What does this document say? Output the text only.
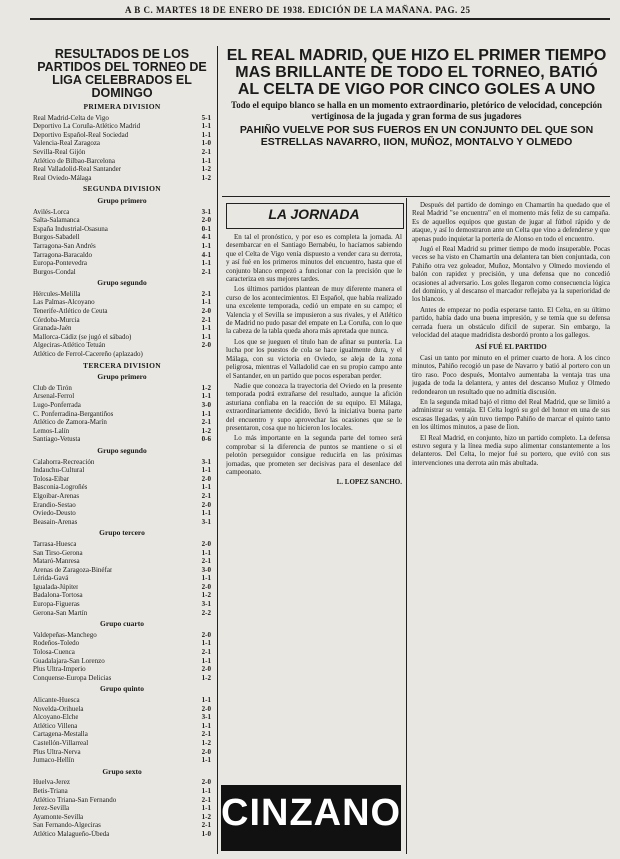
A B C. MARTES 18 DE ENERO DE 1938. EDICIÓN DE LA MAÑANA. PAG. 25
RESULTADOS DE LOS PARTIDOS DEL TORNEO DE LIGA CELEBRADOS EL DOMINGO
PRIMERA DIVISION
Real Madrid-Celta de Vigo	5-1
Deportivo La Coruña-Atlético Madrid	1-1
Deportivo Español-Real Sociedad	1-1
Valencia-Real Zaragoza	1-0
Sevilla-Real Gijón	2-1
Atlético de Bilbao-Barcelona	1-1
Real Valladolid-Real Santander	1-2
Real Oviedo-Málaga	1-2
SEGUNDA DIVISION
Grupo primero
Avilés-Lorca	3-1
Salta-Salamanca	2-0
España Industrial-Osasuna	0-1
Burgos-Sabadell	4-1
Tarragona-San Andrés	1-1
Tarragona-Baracaldo	4-1
Europa-Pontevedra	1-1
Burgos-Condal	2-1
Grupo segundo
Hércules-Melilla	2-1
Las Palmas-Alcoyano	1-1
Tenerife-Atlético de Ceuta	2-0
Córdoba-Murcia	2-1
Granada-Jaén	1-1
Mallorca-Cádiz (se jugó el sábado)	1-1
Algeciras-Atlético Tetuán	2-0
Atlético de Ferrol-Cacereño (aplazado)
TERCERA DIVISION
Grupo primero
Club de Tirón	1-2
Arsenal-Ferrol	1-1
Lugo-Ponferrada	3-0
C. Ponferradina-Bergantiños	1-1
Atlético de Zamora-Marín	2-1
Lemos-Lalín	1-2
Santiago-Vetusta	0-6
Grupo segundo
Calahorra-Recreación	3-1
Indauchu-Cultural	1-1
Tolosa-Eibar	2-0
Basconia-Logroñés	1-1
Elgoibar-Arenas	2-1
Erandio-Sestao	2-0
Oviedo-Deusto	1-1
Beasain-Arenas	3-1
Grupo tercero
Tarrasa-Huesca	2-0
San Tirso-Gerona	1-1
Mataró-Manresa	2-1
Arenas de Zaragoza-Binéfar	3-0
Lérida-Gavá	1-1
Igualada-Júpiter	2-0
Badalona-Tortosa	1-2
Europa-Figueras	3-1
Gerona-San Martín	2-2
Grupo cuarto
Valdepeñas-Manchego	2-0
Rodeños-Toledo	1-1
Tolosa-Cuenca	2-1
Guadalajara-San Lorenzo	1-1
Plus Ultra-Imperio	2-0
Conquense-Europa Delicias	1-2
Grupo quinto
Alicante-Huesca	1-1
Novelda-Orihuela	2-0
Alcoyano-Elche	3-1
Atlético Villena	1-1
Cartagena-Mestalla	2-1
Castellón-Villarreal	1-2
Plus Ultra-Nerva	2-0
Jumaco-Hellín	1-1
Grupo sexto
Huelva-Jerez	2-0
Betis-Triana	1-1
Atlético Triana-San Fernando	2-1
Jerez-Sevilla	1-1
Ayamonte-Sevilla	1-2
San Fernando-Algeciras	2-1
Atlético Malagueño-Úbeda	1-0
EL REAL MADRID, QUE HIZO EL PRIMER TIEMPO MAS BRILLANTE DE TODO EL TORNEO, BATIÓ AL CELTA DE VIGO POR CINCO GOLES A UNO
Todo el equipo blanco se halla en un momento extraordinario, pletórico de velocidad, concepción vertiginosa de la jugada y gran forma de sus jugadores
PAHIÑO VUELVE POR SUS FUEROS EN UN CONJUNTO DEL QUE SON ESTRELLAS NAVARRO, IION, MUÑOZ, MONTALVO Y OLMEDO
LA JORNADA

En tal el pronóstico, y por eso es completa la jornada. Al desembarcar en el Santiago Bernabéu, lo hacíamos sabiendo que el Celta de Vigo venía dispuesto a vender cara su derrota, y así fué en los primeros minutos del encuentro, hasta que el conjunto blanco empezó a funcionar con la precisión que le caracteriza en sus mejores tardes.

Los últimos partidos plantean de muy diferente manera el curso de los acontecimientos. El Español, que había realizado una excelente temporada, cedió un empate en su campo; el Valencia y el Sevilla se impusieron a sus rivales, y el Atlético de Madrid no pudo pasar del empate en La Coruña, con lo que la cabeza de la tabla queda ahora más apretada que nunca.

Los que se jueguen el título han de afinar su puntería. La lucha por los puestos de cola se hace igualmente dura, y el Málaga, con su victoria en Oviedo, se aleja de la zona peligrosa, mientras el Valladolid cae en su propio campo ante el Santander, en un partido que pocos esperaban perder.

Nadie que conozca la trayectoria del Oviedo en la presente temporada podrá extrañarse del resultado, aunque la afición asturiana confiaba en la reacción de su equipo. El Málaga, extraordinariamente decidido, llevó la iniciativa buena parte del encuentro y supo aprovechar las ocasiones que se le presentaron, cosa que no hicieron los locales.

Lo más importante en la segunda parte del torneo será comprobar si la diferencia de puntos se mantiene o si el pelotón perseguidor consigue reducirla en las próximas jornadas, que prometen ser decisivas para el desenlace del campeonato.

L. LOPEZ SANCHO.
CINZANO

Después del partido de domingo en Chamartín ha quedado que el Real Madrid "se encuentra" en el momento más feliz de su campaña. Es de aquellos equipos que gustan de jugar al fútbol rápido y de ataque, y así lo demostraron ante un Celta que vino a defenderse y que apenas pudo inquietar la portería de Alonso en todo el encuentro.

Jugó el Real Madrid su primer tiempo de modo insuperable. Pocas veces se ha visto en Chamartín una delantera tan bien conjuntada, con Pahiño otra vez goleador, Muñoz, Montalvo y Olmedo moviendo el balón con rapidez y precisión, y una defensa que no concedió ocasiones al adversario. Los goles llegaron como consecuencia lógica del dominio, y al descanso el marcador reflejaba ya la superioridad de los blancos.

Antes de empezar no podía esperarse tanto. El Celta, en su último partido, había dado una buena impresión, y se temía que su defensa cerrada fuera un obstáculo difícil de superar. Sin embargo, la velocidad del ataque madridista desbordó pronto a los gallegos.

ASÍ FUÉ EL PARTIDO

Casi un tanto por minuto en el primer cuarto de hora. A los cinco minutos, Pahiño recogió un pase de Navarro y batió al portero con un tiro raso. Poco después, Montalvo aumentaba la ventaja tras una jugada de toda la delantera, y antes del descanso Muñoz y Olmedo redondearon un resultado que no admitía discusión.

En la segunda mitad bajó el ritmo del Real Madrid, que se limitó a administrar su ventaja. El Celta logró su gol del honor en una de sus escasas llegadas, y aún tuvo tiempo Pahiño de marcar el quinto tanto en los últimos minutos, a pase de Iion.

El Real Madrid, en conjunto, hizo un partido completo. La defensa estuvo segura y la línea media supo alimentar constantemente a los delanteros. Del Celta, lo mejor fué su portero, que evitó con sus intervenciones una derrota aún más abultada.
